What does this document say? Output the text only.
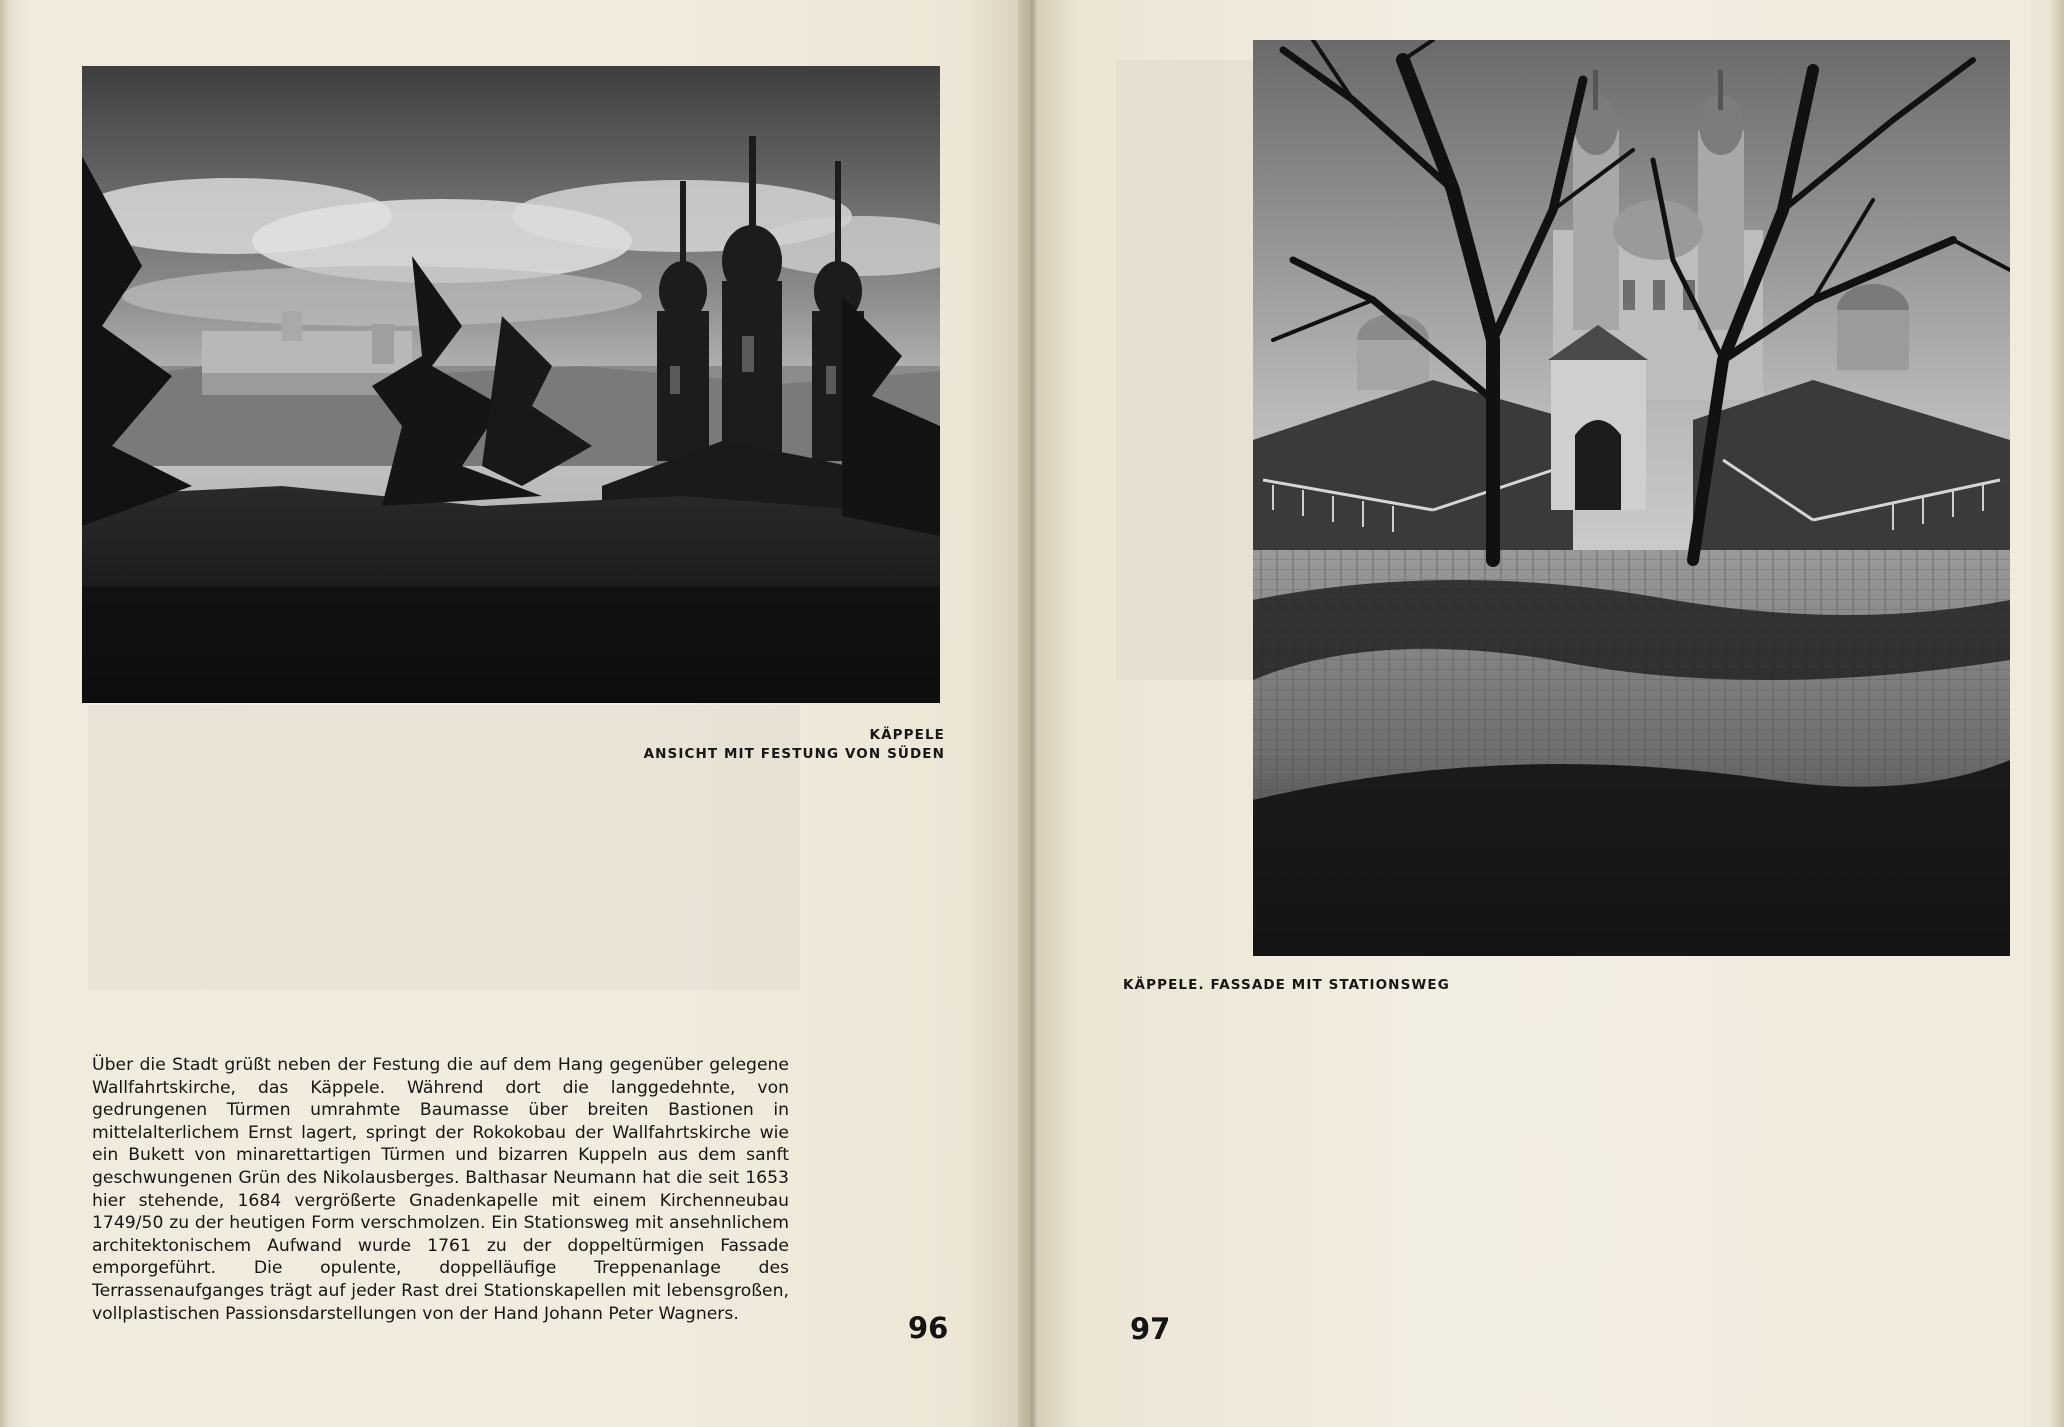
KÄPPELE
ANSICHT MIT FESTUNG VON SÜDEN

Über die Stadt grüßt neben der Festung die auf dem Hang gegenüber gelegene Wallfahrtskirche, das Käppele. Während dort die langgedehnte, von gedrungenen Türmen umrahmte Baumasse über breiten Bastionen in mittelalterlichem Ernst lagert, springt der Rokokobau der Wallfahrtskirche wie ein Bukett von minarettartigen Türmen und bizarren Kuppeln aus dem sanft geschwungenen Grün des Nikolausberges. Balthasar Neumann hat die seit 1653 hier stehende, 1684 vergrößerte Gnadenkapelle mit einem Kirchenneubau 1749/50 zu der heutigen Form verschmolzen. Ein Stationsweg mit ansehnlichem architektonischem Aufwand wurde 1761 zu der doppeltürmigen Fassade emporgeführt. Die opulente, doppelläufige Treppenanlage des Terrassenaufganges trägt auf jeder Rast drei Stationskapellen mit lebensgroßen, vollplastischen Passionsdarstellungen von der Hand Johann Peter Wagners.	96
KÄPPELE. FASSADE MIT STATIONSWEG
97
